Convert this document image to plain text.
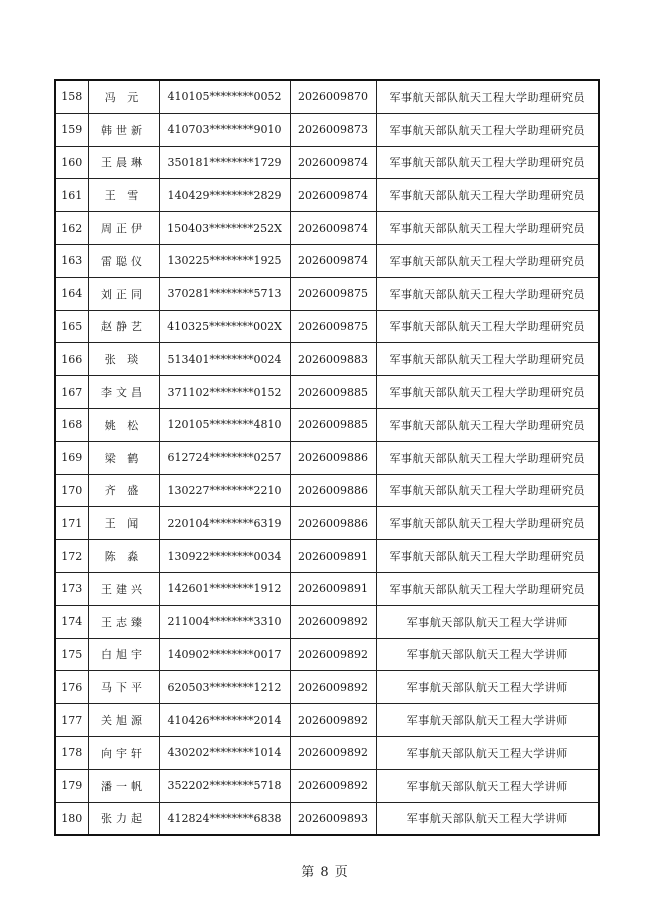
158	冯 元	410105********0052	2026009870	军事航天部队航天工程大学助理研究员
159	韩世新	410703********9010	2026009873	军事航天部队航天工程大学助理研究员
160	王晨琳	350181********1729	2026009874	军事航天部队航天工程大学助理研究员
161	王 雪	140429********2829	2026009874	军事航天部队航天工程大学助理研究员
162	周正伊	150403********252X	2026009874	军事航天部队航天工程大学助理研究员
163	雷聪仪	130225********1925	2026009874	军事航天部队航天工程大学助理研究员
164	刘正同	370281********5713	2026009875	军事航天部队航天工程大学助理研究员
165	赵静艺	410325********002X	2026009875	军事航天部队航天工程大学助理研究员
166	张 琰	513401********0024	2026009883	军事航天部队航天工程大学助理研究员
167	李文昌	371102********0152	2026009885	军事航天部队航天工程大学助理研究员
168	姚 松	120105********4810	2026009885	军事航天部队航天工程大学助理研究员
169	梁 鹤	612724********0257	2026009886	军事航天部队航天工程大学助理研究员
170	齐 盛	130227********2210	2026009886	军事航天部队航天工程大学助理研究员
171	王 闻	220104********6319	2026009886	军事航天部队航天工程大学助理研究员
172	陈 淼	130922********0034	2026009891	军事航天部队航天工程大学助理研究员
173	王建兴	142601********1912	2026009891	军事航天部队航天工程大学助理研究员
174	王志臻	211004********3310	2026009892	军事航天部队航天工程大学讲师
175	白旭宇	140902********0017	2026009892	军事航天部队航天工程大学讲师
176	马下平	620503********1212	2026009892	军事航天部队航天工程大学讲师
177	关旭源	410426********2014	2026009892	军事航天部队航天工程大学讲师
178	向宇轩	430202********1014	2026009892	军事航天部队航天工程大学讲师
179	潘一帆	352202********5718	2026009892	军事航天部队航天工程大学讲师
180	张力起	412824********6838	2026009893	军事航天部队航天工程大学讲师
第 8 页
